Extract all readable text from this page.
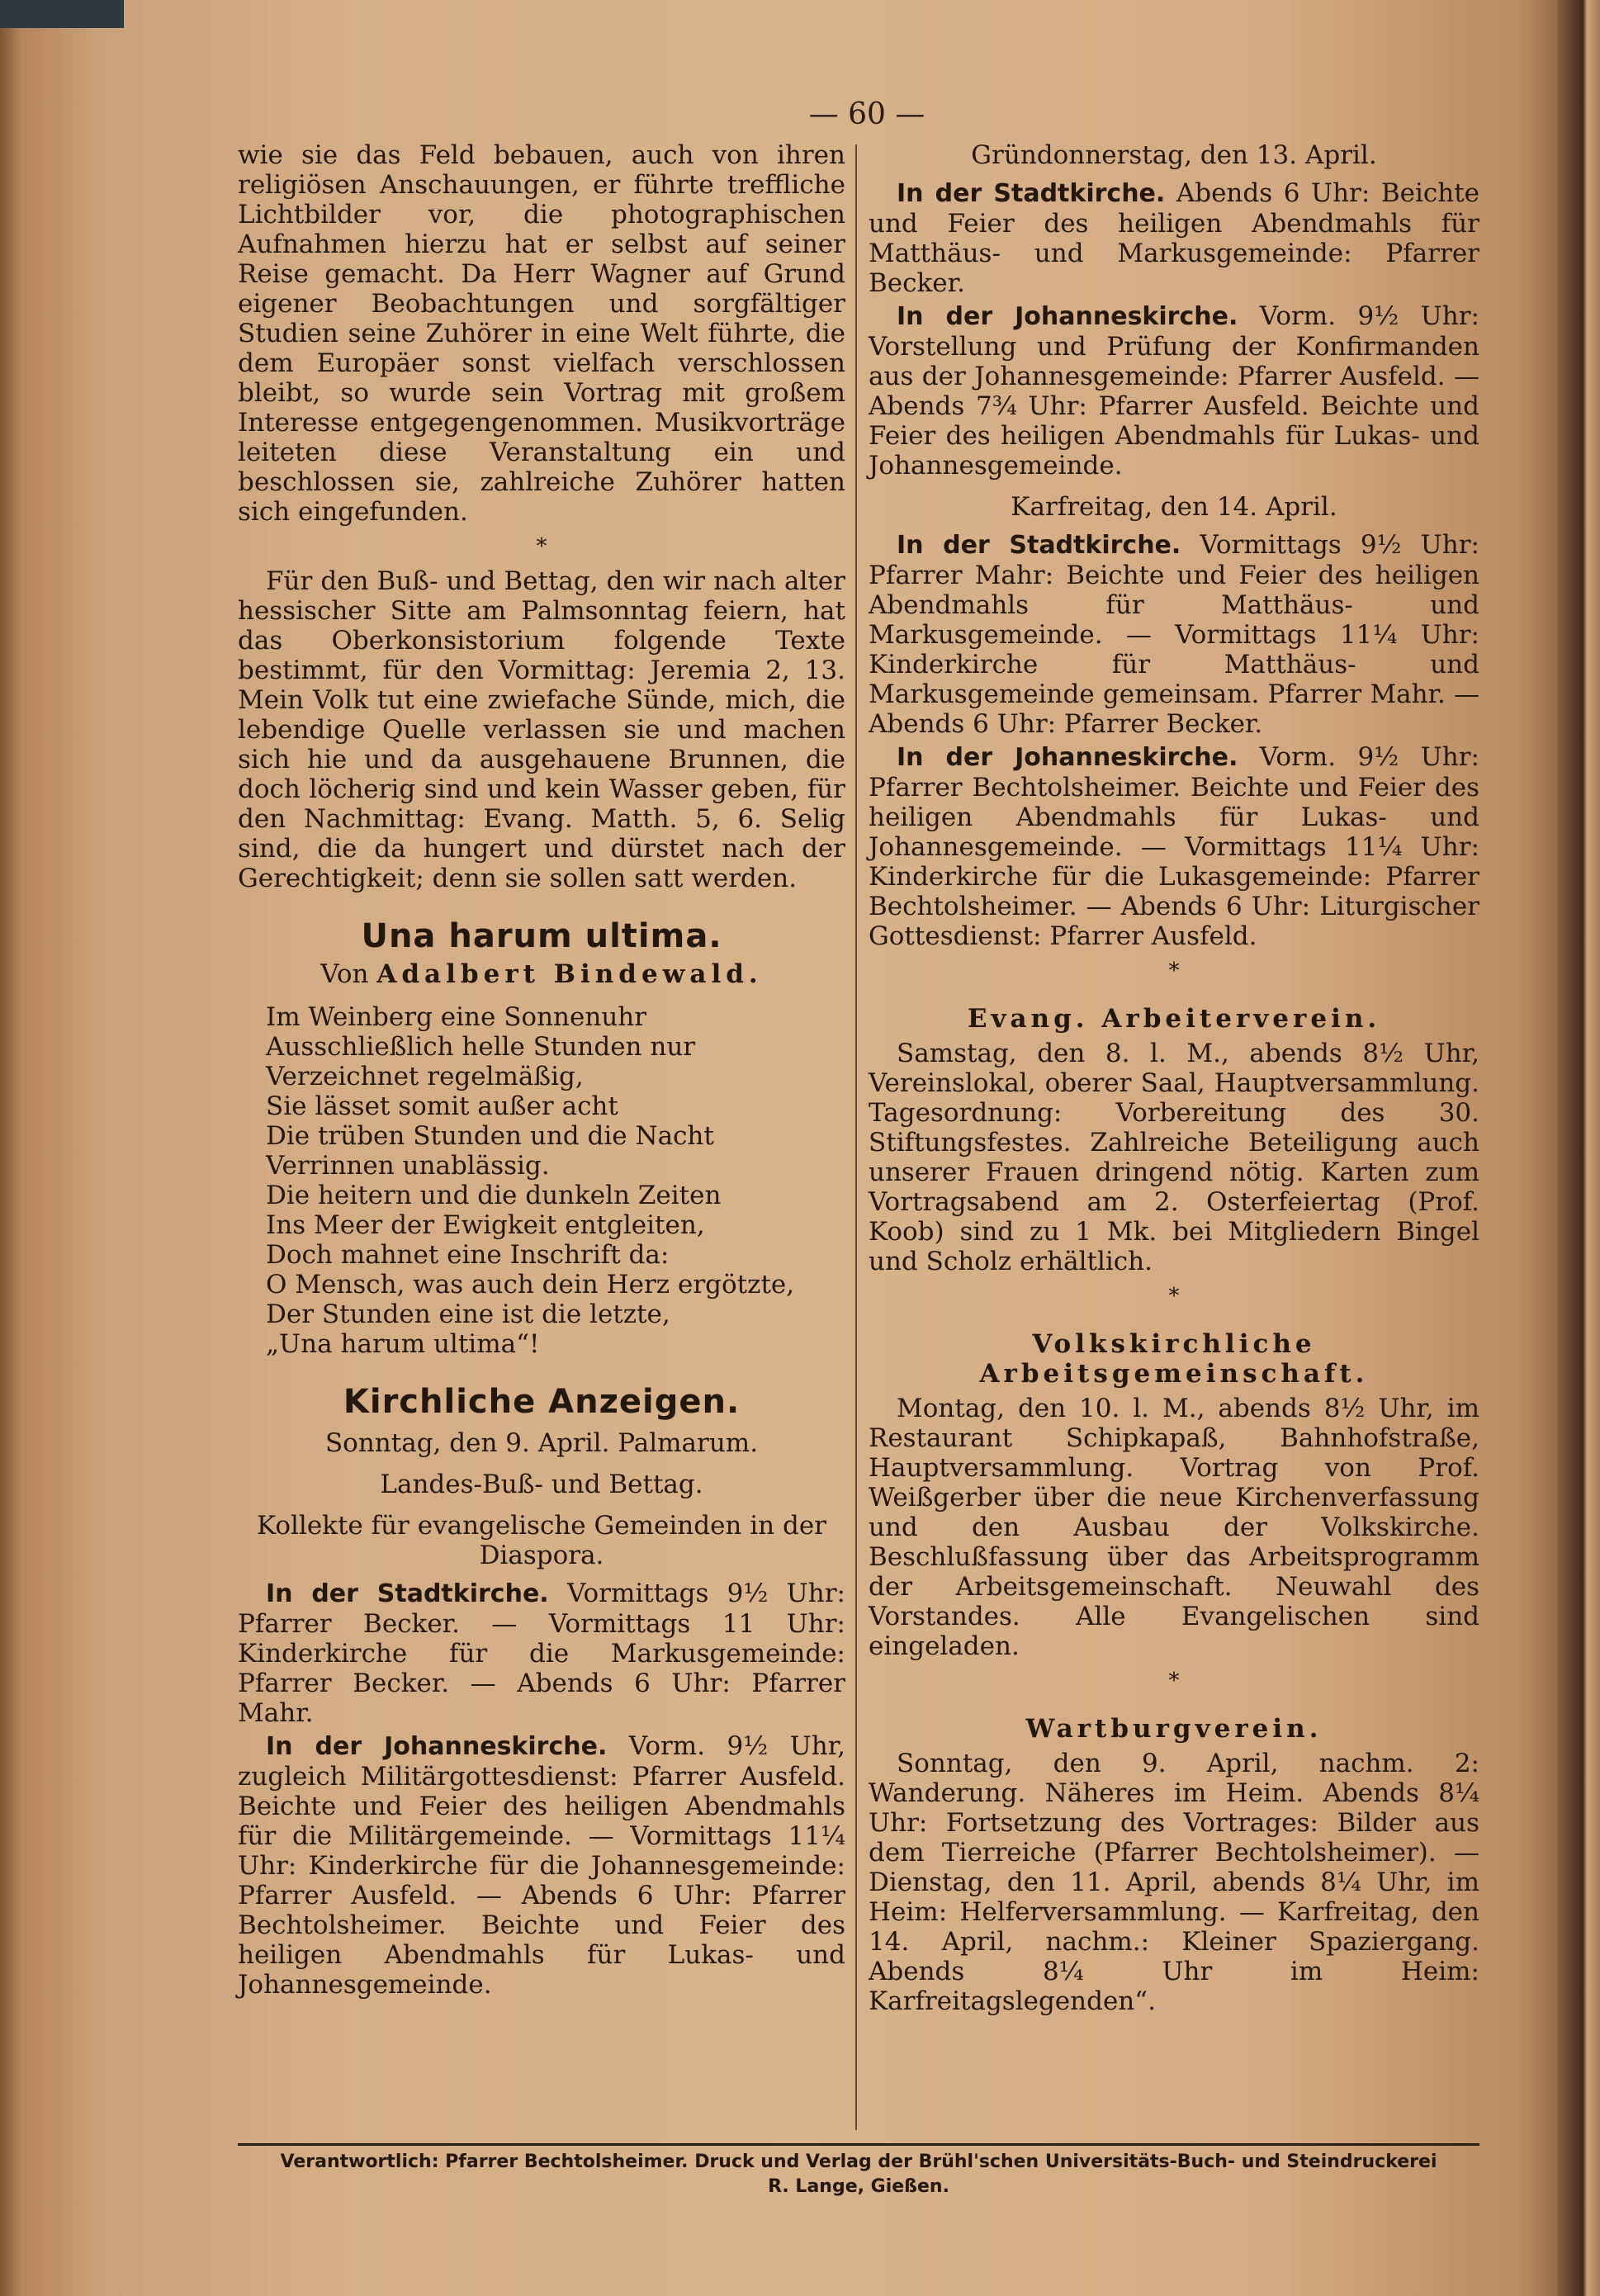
— 60 —

wie sie das Feld bebauen, auch von ihren religiösen Anschauungen, er führte treffliche Lichtbilder vor, die photographischen Aufnahmen hierzu hat er selbst auf seiner Reise gemacht. Da Herr Wagner auf Grund eigener Beobachtungen und sorgfältiger Studien seine Zuhörer in eine Welt führte, die dem Europäer sonst vielfach verschlossen bleibt, so wurde sein Vortrag mit großem Interesse entgegengenommen. Musikvorträge leiteten diese Veranstaltung ein und beschlossen sie, zahlreiche Zuhörer hatten sich eingefunden.

*

Für den Buß- und Bettag, den wir nach alter hessischer Sitte am Palmsonntag feiern, hat das Oberkonsistorium folgende Texte bestimmt, für den Vormittag: Jeremia 2, 13. Mein Volk tut eine zwiefache Sünde, mich, die lebendige Quelle verlassen sie und machen sich hie und da ausgehauene Brunnen, die doch löcherig sind und kein Wasser geben, für den Nachmittag: Evang. Matth. 5, 6. Selig sind, die da hungert und dürstet nach der Gerechtigkeit; denn sie sollen satt werden.

Una harum ultima.
Von Adalbert Bindewald.
Im Weinberg eine Sonnenuhr
Ausschließlich helle Stunden nur
Verzeichnet regelmäßig,
Sie lässet somit außer acht
Die trüben Stunden und die Nacht
Verrinnen unablässig.
Die heitern und die dunkeln Zeiten
Ins Meer der Ewigkeit entgleiten,
Doch mahnet eine Inschrift da:
O Mensch, was auch dein Herz ergötzte,
Der Stunden eine ist die letzte,
„Una harum ultima“!
Kirchliche Anzeigen.
Sonntag, den 9. April. Palmarum.
Landes-Buß- und Bettag.
Kollekte für evangelische Gemeinden in der Diaspora.

In der Stadtkirche. Vormittags 9½ Uhr: Pfarrer Becker. — Vormittags 11 Uhr: Kinderkirche für die Markusgemeinde: Pfarrer Becker. — Abends 6 Uhr: Pfarrer Mahr.

In der Johanneskirche. Vorm. 9½ Uhr, zugleich Militärgottesdienst: Pfarrer Ausfeld. Beichte und Feier des heiligen Abendmahls für die Militärgemeinde. — Vormittags 11¼ Uhr: Kinderkirche für die Johannesgemeinde: Pfarrer Ausfeld. — Abends 6 Uhr: Pfarrer Bechtolsheimer. Beichte und Feier des heiligen Abendmahls für Lukas- und Johannesgemeinde.

Gründonnerstag, den 13. April.

In der Stadtkirche. Abends 6 Uhr: Beichte und Feier des heiligen Abendmahls für Matthäus- und Markusgemeinde: Pfarrer Becker.

In der Johanneskirche. Vorm. 9½ Uhr: Vorstellung und Prüfung der Konfirmanden aus der Johannesgemeinde: Pfarrer Ausfeld. — Abends 7¾ Uhr: Pfarrer Ausfeld. Beichte und Feier des heiligen Abendmahls für Lukas- und Johannesgemeinde.

Karfreitag, den 14. April.

In der Stadtkirche. Vormittags 9½ Uhr: Pfarrer Mahr: Beichte und Feier des heiligen Abendmahls für Matthäus- und Markusgemeinde. — Vormittags 11¼ Uhr: Kinderkirche für Matthäus- und Markusgemeinde gemeinsam. Pfarrer Mahr. — Abends 6 Uhr: Pfarrer Becker.

In der Johanneskirche. Vorm. 9½ Uhr: Pfarrer Bechtolsheimer. Beichte und Feier des heiligen Abendmahls für Lukas- und Johannesgemeinde. — Vormittags 11¼ Uhr: Kinderkirche für die Lukasgemeinde: Pfarrer Bechtolsheimer. — Abends 6 Uhr: Liturgischer Gottesdienst: Pfarrer Ausfeld.

*
Evang. Arbeiterverein.

Samstag, den 8. l. M., abends 8½ Uhr, Vereinslokal, oberer Saal, Hauptversammlung. Tagesordnung: Vorbereitung des 30. Stiftungsfestes. Zahlreiche Beteiligung auch unserer Frauen dringend nötig. Karten zum Vortragsabend am 2. Osterfeiertag (Prof. Koob) sind zu 1 Mk. bei Mitgliedern Bingel und Scholz erhältlich.

*
Volkskirchliche Arbeitsgemeinschaft.

Montag, den 10. l. M., abends 8½ Uhr, im Restaurant Schipkapaß, Bahnhofstraße, Hauptversammlung. Vortrag von Prof. Weißgerber über die neue Kirchenverfassung und den Ausbau der Volkskirche. Beschlußfassung über das Arbeitsprogramm der Arbeitsgemeinschaft. Neuwahl des Vorstandes. Alle Evangelischen sind eingeladen.

*
Wartburgverein.

Sonntag, den 9. April, nachm. 2: Wanderung. Näheres im Heim. Abends 8¼ Uhr: Fortsetzung des Vortrages: Bilder aus dem Tierreiche (Pfarrer Bechtolsheimer). — Dienstag, den 11. April, abends 8¼ Uhr, im Heim: Helferversammlung. — Karfreitag, den 14. April, nachm.: Kleiner Spaziergang. Abends 8¼ Uhr im Heim: Karfreitagslegenden“.

Verantwortlich: Pfarrer Bechtolsheimer. Druck und Verlag der Brühl'schen Universitäts-Buch- und Steindruckerei
R. Lange, Gießen.
